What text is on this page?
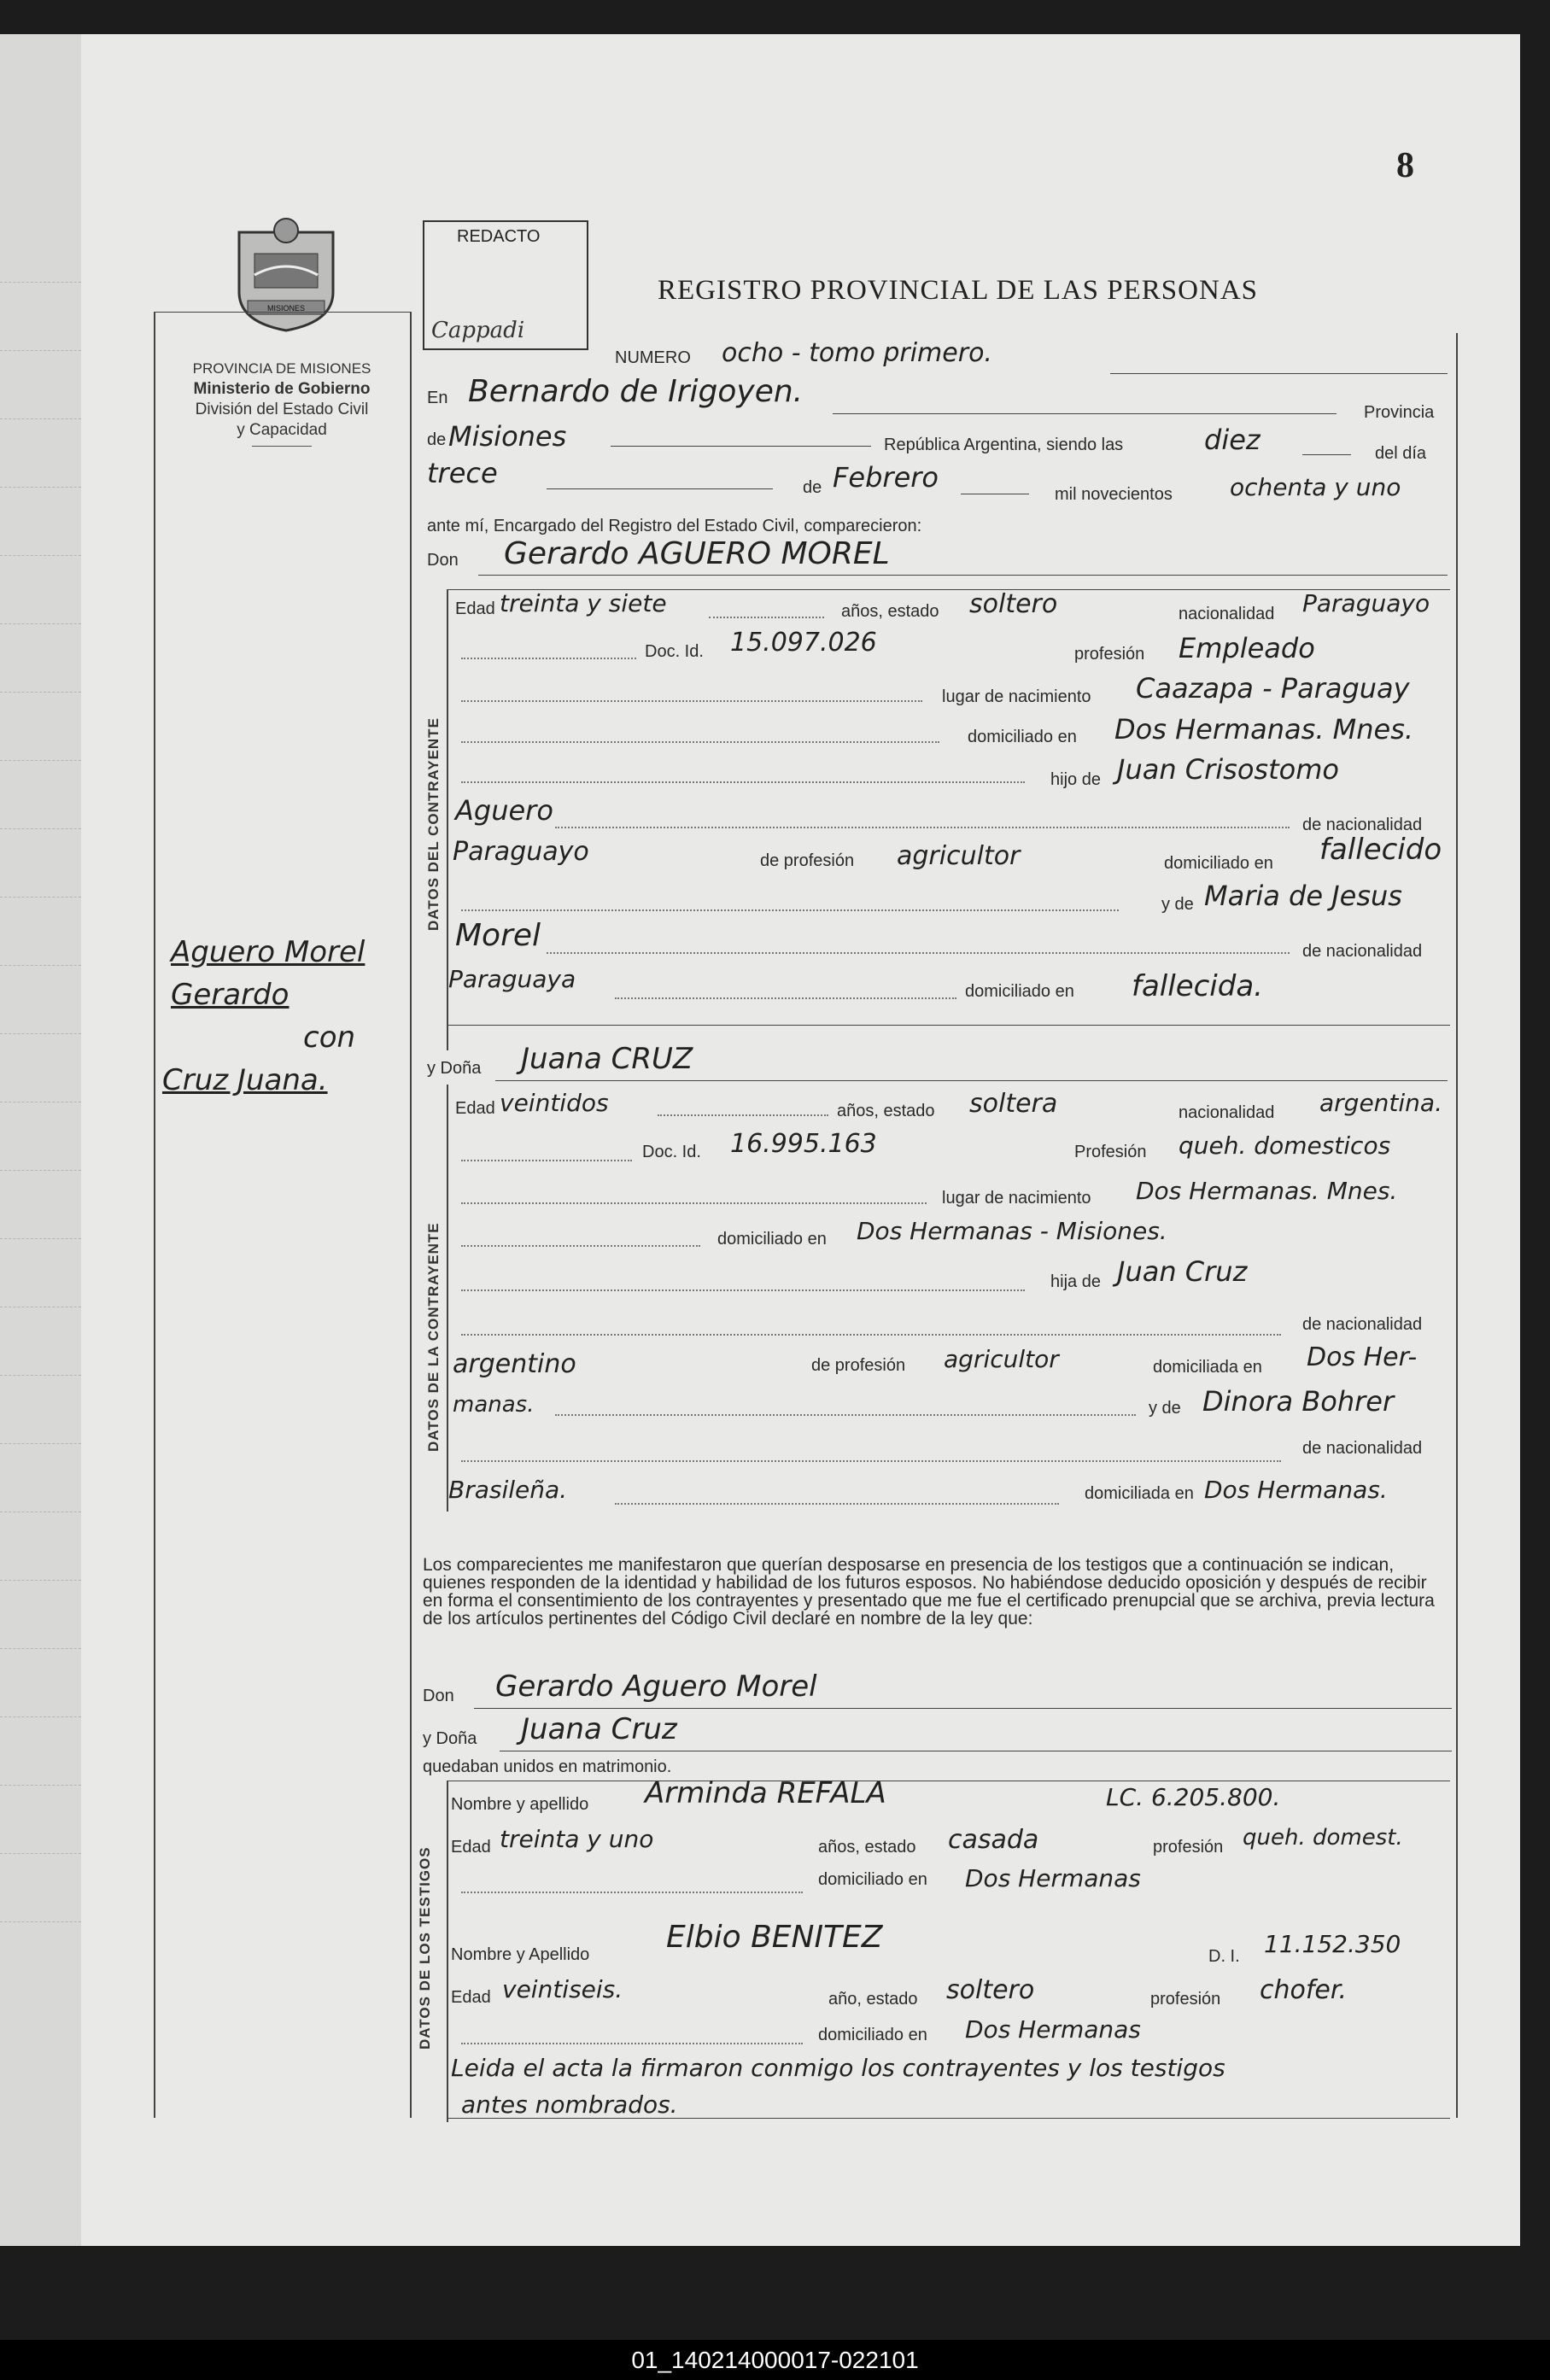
8
MISIONES
PROVINCIA DE MISIONES
Ministerio de Gobierno
División del Estado Civil
y Capacidad
REDACTO
Cappadi
REGISTRO PROVINCIAL DE LAS PERSONAS
Aguero Morel
Gerardo
con
Cruz Juana.
NUMERO ocho - tomo primero.
En Bernardo de Irigoyen.
Provincia
de Misiones	República Argentina, siendo las	diez	del día
trece	de Febrero
mil novecientos ochenta y uno
ante mí, Encargado del Registro del Estado Civil, comparecieron:
Don Gerardo AGUERO MOREL
DATOS DEL CONTRAYENTE
Edad treinta y siete	años, estado soltero	nacionalidad Paraguayo
Doc. Id. 15.097.026	profesión Empleado
lugar de nacimiento Caazapa - Paraguay
domiciliado en Dos Hermanas. Mnes.
hijo de Juan Crisostomo
Aguero	de nacionalidad
Paraguayo	de profesión agricultor	domiciliado en fallecido
y de Maria de Jesus
Morel	de nacionalidad
Paraguaya	domiciliado en fallecida.
y Doña Juana CRUZ
DATOS DE LA CONTRAYENTE
Edad veintidos	años, estado soltera	nacionalidad argentina.
Doc. Id. 16.995.163	Profesión queh. domesticos
lugar de nacimiento Dos Hermanas. Mnes.
domiciliado en Dos Hermanas - Misiones.
hija de Juan Cruz
de nacionalidad
argentino	de profesión agricultor	domiciliada en Dos Her-
manas.	y de Dinora Bohrer
de nacionalidad
Brasileña.	domiciliada en Dos Hermanas.
Los comparecientes me manifestaron que querían desposarse en presencia de los testigos que a continuación se indican, quienes responden de la identidad y habilidad de los futuros esposos. No habiéndose deducido oposición y después de recibir en forma el consentimiento de los contrayentes y presentado que me fue el certificado prenupcial que se archiva, previa lectura de los artículos pertinentes del Código Civil declaré en nombre de la ley que:
Don Gerardo Aguero Morel
y Doña Juana Cruz
quedaban unidos en matrimonio.
DATOS DE LOS TESTIGOS
Nombre y apellido Arminda REFALA	LC. 6.205.800.
Edad treinta y uno	años, estado casada	profesión queh. domest.
domiciliado en Dos Hermanas
Nombre y Apellido Elbio BENITEZ
D. I. 11.152.350
Edad veintiseis.	año, estado soltero	profesión chofer.
domiciliado en Dos Hermanas
Leida el acta la firmaron conmigo los contrayentes y los testigos
antes nombrados.
01_140214000017-022101
